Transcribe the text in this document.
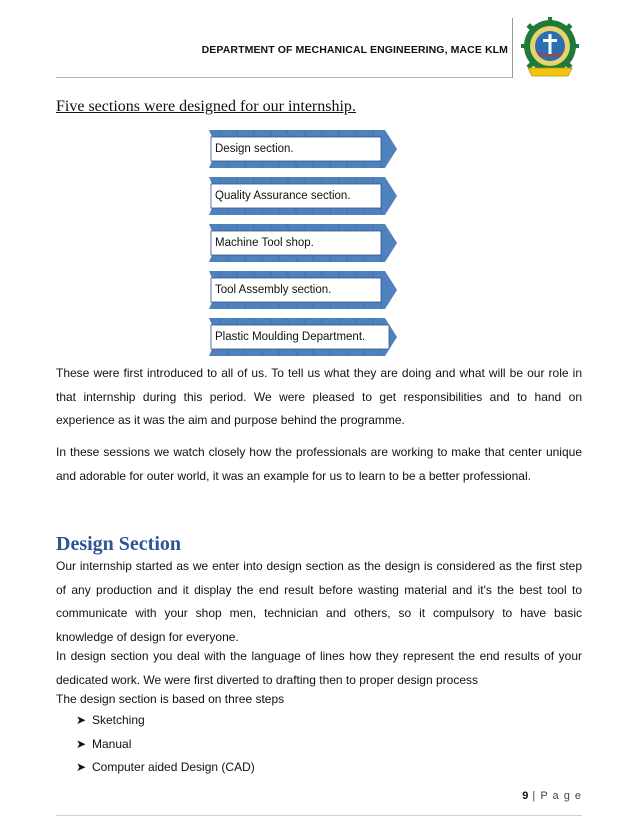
DEPARTMENT OF MECHANICAL ENGINEERING, MACE KLM
Five sections were designed for our internship.
Design section.
Quality Assurance section.
Machine Tool shop.
Tool Assembly section.
Plastic Moulding Department.

These were first introduced to all of us. To tell us what they are doing and what will be our role in that internship during this period. We were pleased to get responsibilities and to hand on experience as it was the aim and purpose behind the programme.

In these sessions we watch closely how the professionals are working to make that center unique and adorable for outer world, it was an example for us to learn to be a better professional.

Design Section

Our internship started as we enter into design section as the design is considered as the first step of any production and it display the end result before wasting material and it's the best tool to communicate with your shop men, technician and others, so it compulsory to have basic knowledge of design for everyone.

In design section you deal with the language of lines how they represent the end results of your dedicated work. We were first diverted to drafting then to proper design process

The design section is based on three steps
➤ Sketching
➤ Manual
➤ Computer aided Design (CAD)
9 | P a g e
